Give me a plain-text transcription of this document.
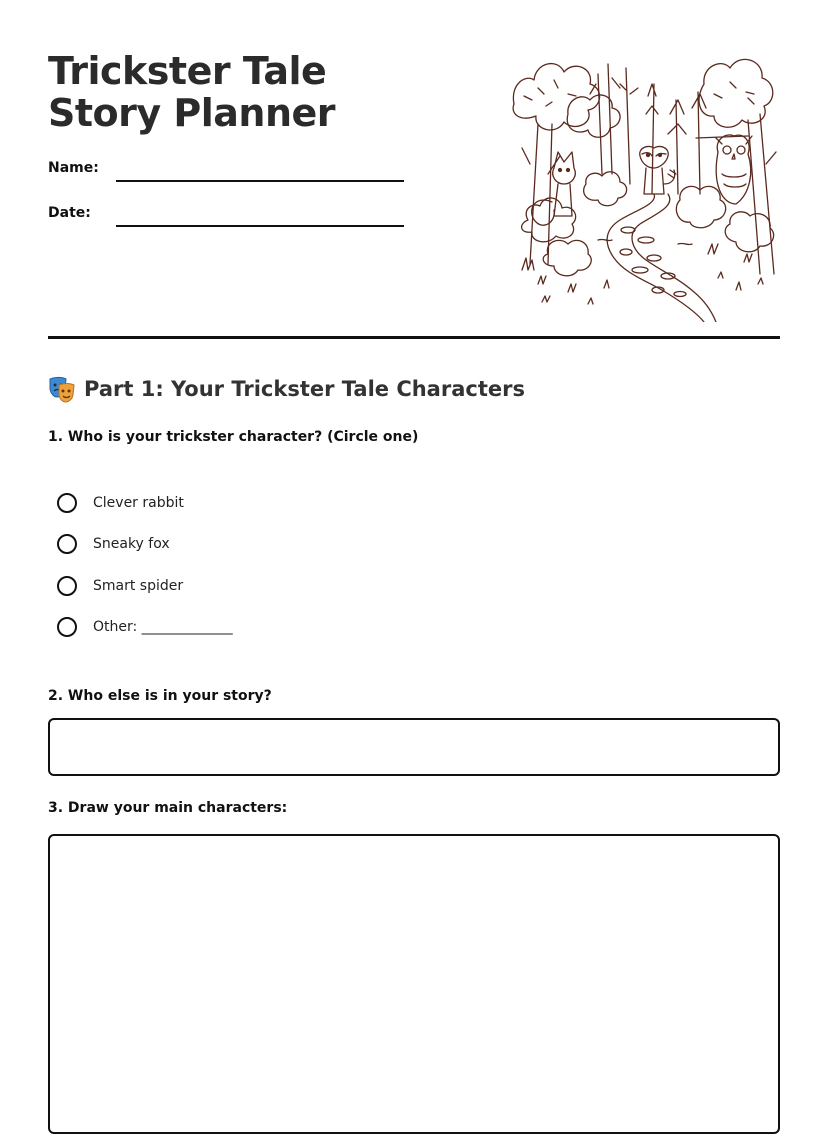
Trickster Tale Story Planner
Name:
Date:
Part 1: Your Trickster Tale Characters
1. Who is your trickster character? (Circle one)
Clever rabbit
Sneaky fox
Smart spider
Other: _____________
2. Who else is in your story?
3. Draw your main characters:
